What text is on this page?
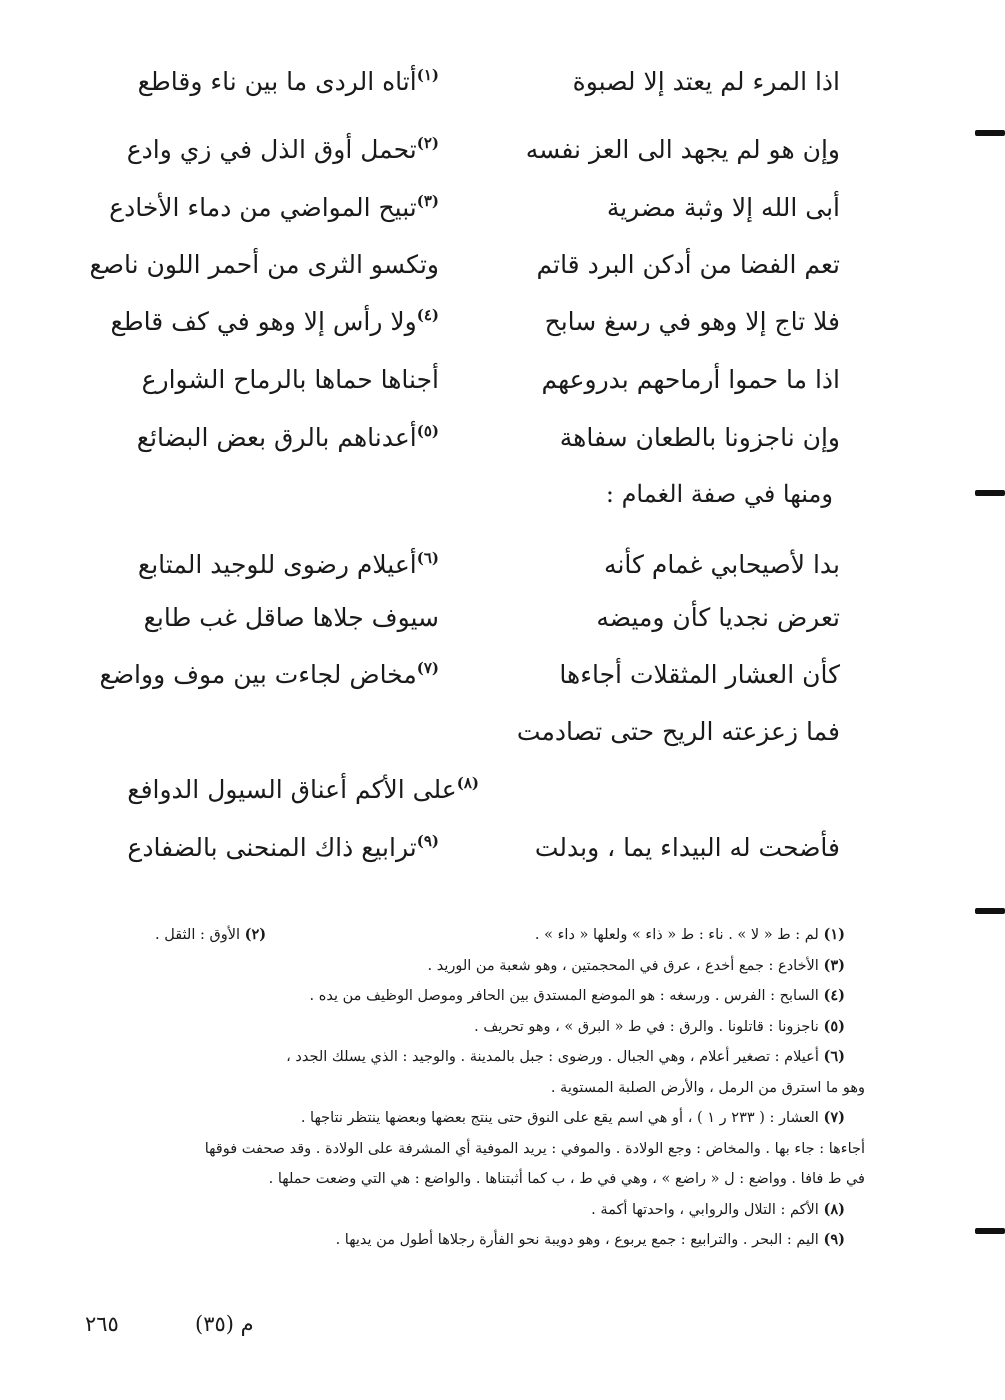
اذا المرء لم يعتد إلا لصبوة
$^{(١)}$أتاه الردى ما بين ناء وقاطع
وإن هو لم يجهد الى العز نفسه
$^{(٢)}$تحمل أوق الذل في زي وادع
أبى الله إلا وثبة مضرية
$^{(٣)}$تبيح المواضي من دماء الأخادع
تعم الفضا من أدكن البرد قاتم
وتكسو الثرى من أحمر اللون ناصع
فلا تاج إلا وهو في رسغ سابح
$^{(٤)}$ولا رأس إلا وهو في كف قاطع
اذا ما حموا أرماحهم بدروعهم
أجناها حماها بالرماح الشوارع
وإن ناجزونا بالطعان سفاهة
$^{(٥)}$أعدناهم بالرق بعض البضائع
ومنها في صفة الغمام :
بدا لأصيحابي غمام كأنه
$^{(٦)}$أعيلام رضوى للوجيد المتابع
تعرض نجديا كأن وميضه
سيوف جلاها صاقل غب طابع
كأن العشار المثقلات أجاءها
$^{(٧)}$مخاض لجاءت بين موف وواضع
فما زعزعته الريح حتى تصادمت
$^{(٨)}$على الأكم أعناق السيول الدوافع
فأضحت له البيداء يما ، وبدلت
$^{(٩)}$ترابيع ذاك المنحنى بالضفادع
(١) لم : ط « لا » . ناء : ط « ذاء » ولعلها « داء » .
(٢) الأوق : الثقل .
(٣) الأخادع : جمع أخدع ، عرق في المحجمتين ، وهو شعبة من الوريد .
(٤) السابح : الفرس . ورسغه : هو الموضع المستدق بين الحافر وموصل الوظيف من يده .
(٥) ناجزونا : قاتلونا . والرق : في ط « البرق » ، وهو تحريف .
(٦) أعيلام : تصغير أعلام ، وهي الجبال . ورضوى : جبل بالمدينة . والوجيد : الذي يسلك الجدد ،
وهو ما استرق من الرمل ، والأرض الصلبة المستوية .
(٧) العشار : ( ٢٣٣ ر ١ ) ، أو هي اسم يقع على النوق حتى ينتج بعضها وبعضها ينتظر نتاجها .
أجاءها : جاء بها . والمخاض : وجع الولادة . والموفي : يريد الموفية أي المشرفة على الولادة . وقد صحفت فوقها
في ط فافا . وواضع : ل « راضع » ، وهي في ط ، ب كما أثبتناها . والواضع : هي التي وضعت حملها .
(٨) الأكم : التلال والروابي ، واحدتها أكمة .
(٩) اليم : البحر . والترابيع : جمع يربوع ، وهو دويبة نحو الفأرة رجلاها أطول من يديها .
م (٣٥)
٢٦٥
